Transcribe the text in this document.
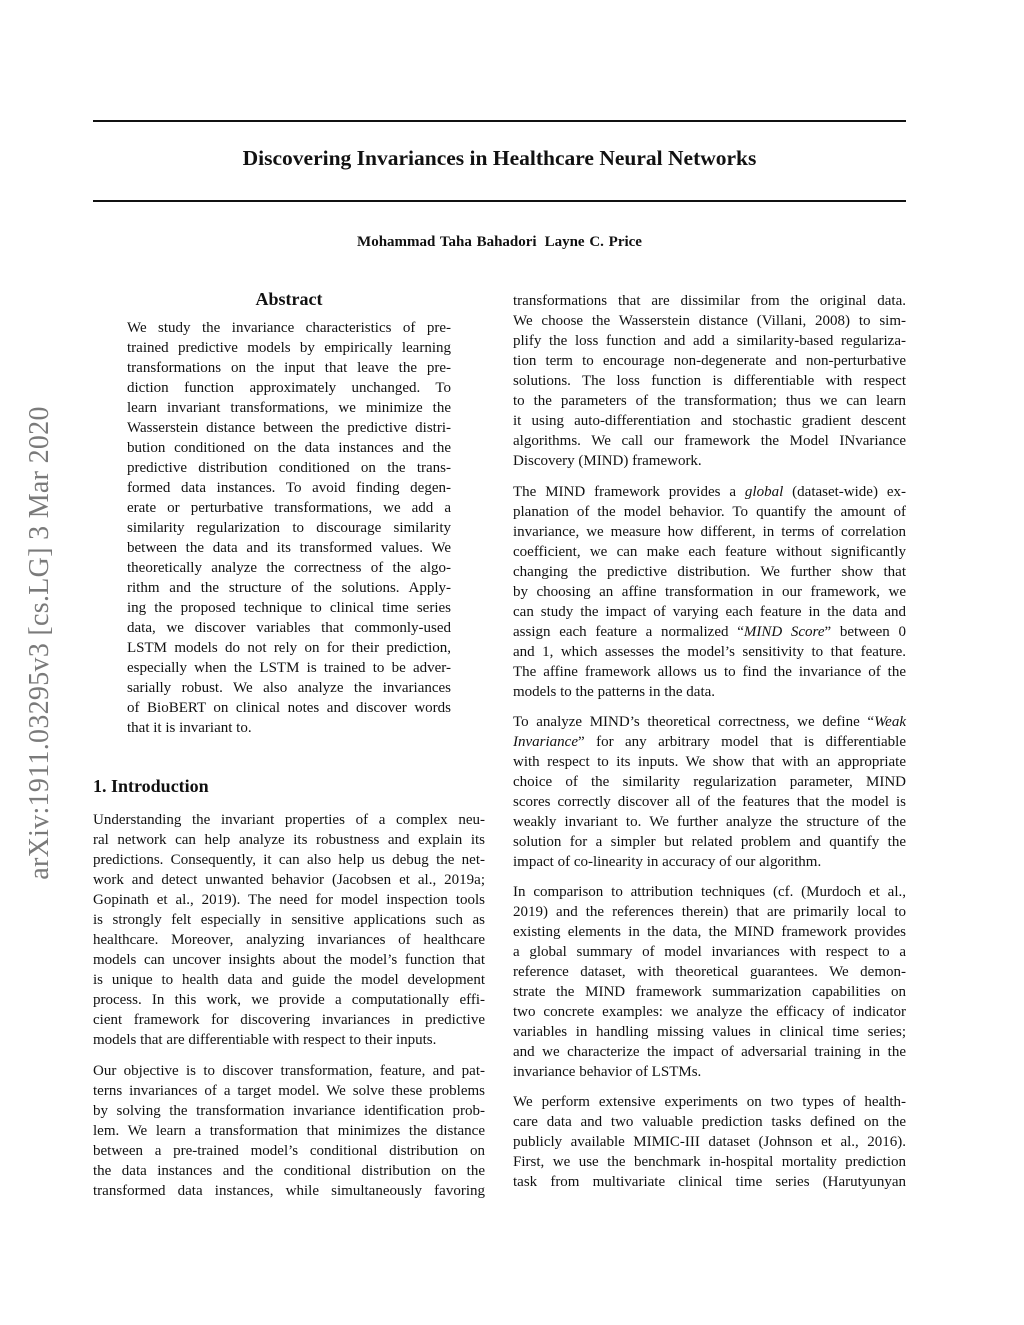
arXiv:1911.03295v3 [cs.LG] 3 Mar 2020
Discovering Invariances in Healthcare Neural Networks
Mohammad Taha Bahadori Layne C. Price
Abstract
We study the invariance characteristics of pre-
trained predictive models by empirically learning
transformations on the input that leave the pre-
diction function approximately unchanged. To
learn invariant transformations, we minimize the
Wasserstein distance between the predictive distri-
bution conditioned on the data instances and the
predictive distribution conditioned on the trans-
formed data instances. To avoid finding degen-
erate or perturbative transformations, we add a
similarity regularization to discourage similarity
between the data and its transformed values. We
theoretically analyze the correctness of the algo-
rithm and the structure of the solutions. Apply-
ing the proposed technique to clinical time series
data, we discover variables that commonly-used
LSTM models do not rely on for their prediction,
especially when the LSTM is trained to be adver-
sarially robust. We also analyze the invariances
of BioBERT on clinical notes and discover words
that it is invariant to.
1. Introduction
Understanding the invariant properties of a complex neu-
ral network can help analyze its robustness and explain its
predictions. Consequently, it can also help us debug the net-
work and detect unwanted behavior (Jacobsen et al., 2019a;
Gopinath et al., 2019). The need for model inspection tools
is strongly felt especially in sensitive applications such as
healthcare. Moreover, analyzing invariances of healthcare
models can uncover insights about the model’s function that
is unique to health data and guide the model development
process. In this work, we provide a computationally effi-
cient framework for discovering invariances in predictive
models that are differentiable with respect to their inputs.
Our objective is to discover transformation, feature, and pat-
terns invariances of a target model. We solve these problems
by solving the transformation invariance identification prob-
lem. We learn a transformation that minimizes the distance
between a pre-trained model’s conditional distribution on
the data instances and the conditional distribution on the
transformed data instances, while simultaneously favoring
transformations that are dissimilar from the original data.
We choose the Wasserstein distance (Villani, 2008) to sim-
plify the loss function and add a similarity-based regulariza-
tion term to encourage non-degenerate and non-perturbative
solutions. The loss function is differentiable with respect
to the parameters of the transformation; thus we can learn
it using auto-differentiation and stochastic gradient descent
algorithms. We call our framework the Model INvariance
Discovery (MIND) framework.
The MIND framework provides a global (dataset-wide) ex-
planation of the model behavior. To quantify the amount of
invariance, we measure how different, in terms of correlation
coefficient, we can make each feature without significantly
changing the predictive distribution. We further show that
by choosing an affine transformation in our framework, we
can study the impact of varying each feature in the data and
assign each feature a normalized “MIND Score” between 0
and 1, which assesses the model’s sensitivity to that feature.
The affine framework allows us to find the invariance of the
models to the patterns in the data.
To analyze MIND’s theoretical correctness, we define “Weak
Invariance” for any arbitrary model that is differentiable
with respect to its inputs. We show that with an appropriate
choice of the similarity regularization parameter, MIND
scores correctly discover all of the features that the model is
weakly invariant to. We further analyze the structure of the
solution for a simpler but related problem and quantify the
impact of co-linearity in accuracy of our algorithm.
In comparison to attribution techniques (cf. (Murdoch et al.,
2019) and the references therein) that are primarily local to
existing elements in the data, the MIND framework provides
a global summary of model invariances with respect to a
reference dataset, with theoretical guarantees. We demon-
strate the MIND framework summarization capabilities on
two concrete examples: we analyze the efficacy of indicator
variables in handling missing values in clinical time series;
and we characterize the impact of adversarial training in the
invariance behavior of LSTMs.
We perform extensive experiments on two types of health-
care data and two valuable prediction tasks defined on the
publicly available MIMIC-III dataset (Johnson et al., 2016).
First, we use the benchmark in-hospital mortality prediction
task from multivariate clinical time series (Harutyunyan
